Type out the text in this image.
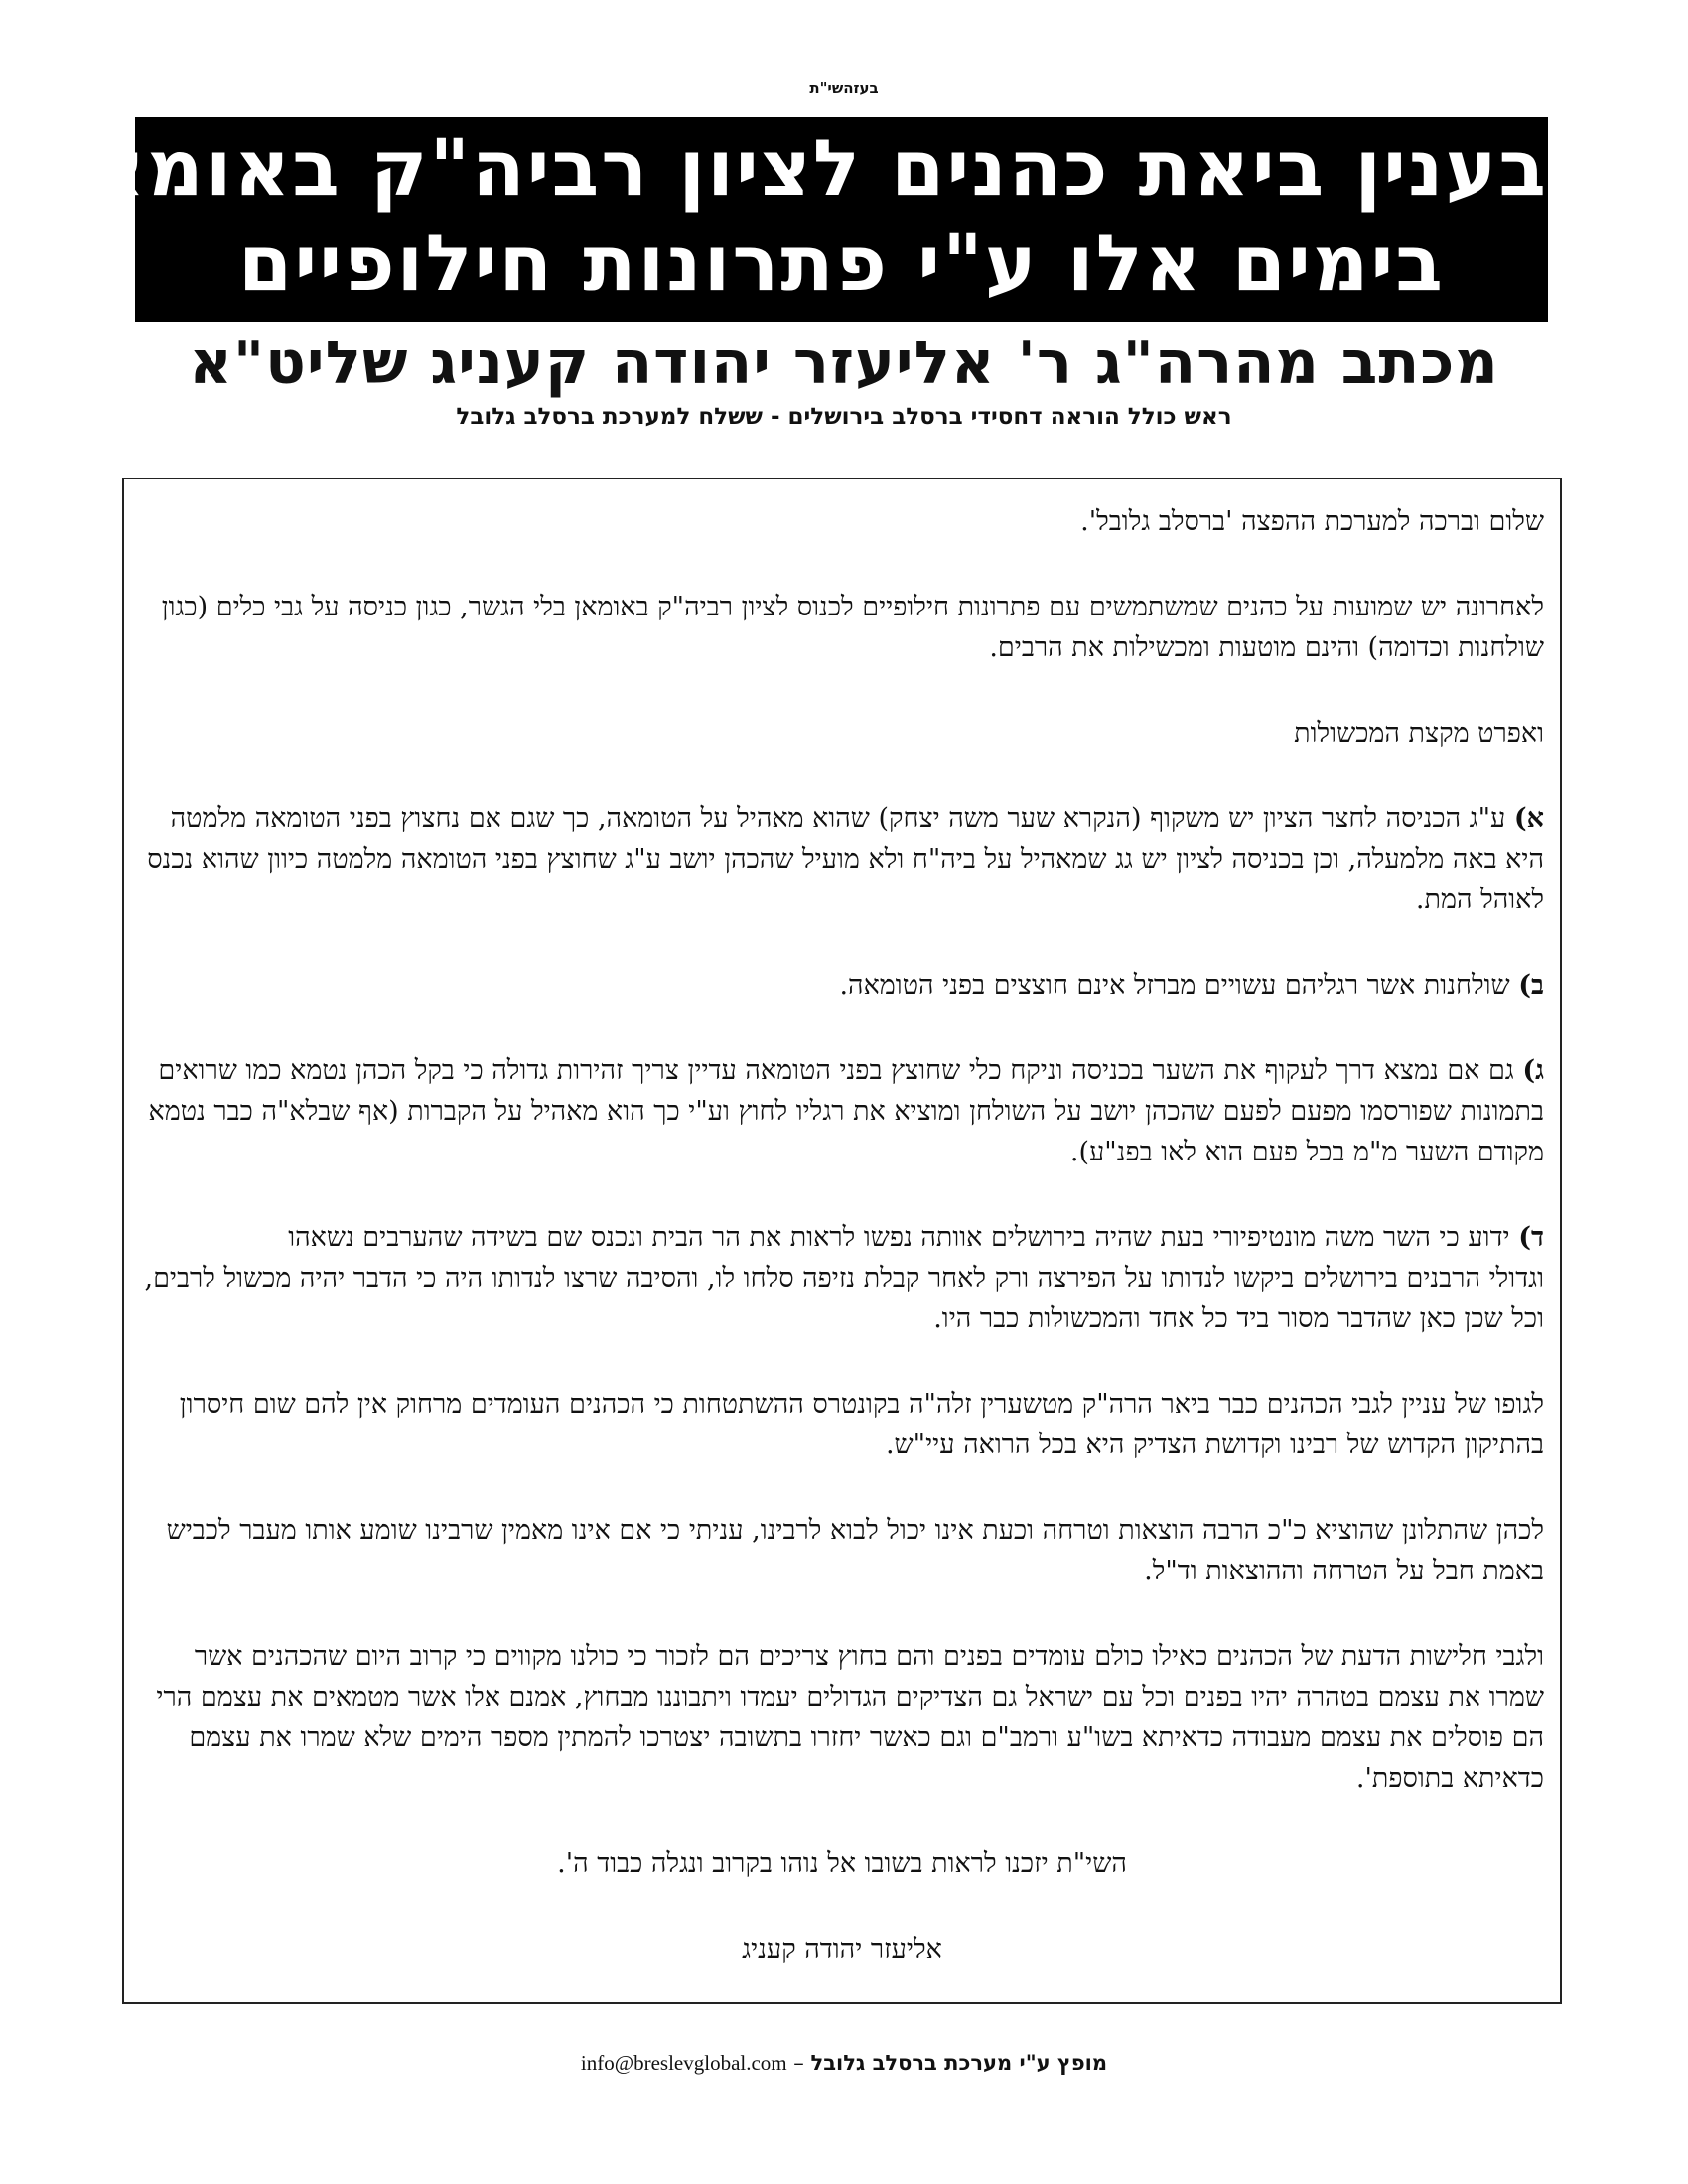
בעזהשי"ת
בענין ביאת כהנים לציון רביה"ק באומאן
בימים אלו ע"י פתרונות חילופיים
מכתב מהרה"ג ר' אליעזר יהודה קעניג שליט"א
ראש כולל הוראה דחסידי ברסלב בירושלים - ששלח למערכת ברסלב גלובל

שלום וברכה למערכת ההפצה 'ברסלב גלובל'.

לאחרונה יש שמועות על כהנים שמשתמשים עם פתרונות חילופיים לכנוס לציון רביה"ק באומאן בלי הגשר, כגון כניסה על גבי כלים (כגון שולחנות וכדומה) והינם מוטעות ומכשילות את הרבים.

ואפרט מקצת המכשולות

א) ע"ג הכניסה לחצר הציון יש משקוף (הנקרא שער משה יצחק) שהוא מאהיל על הטומאה, כך שגם אם נחצוץ בפני הטומאה מלמטה היא באה מלמעלה, וכן בכניסה לציון יש גג שמאהיל על ביה"ח ולא מועיל שהכהן יושב ע"ג שחוצץ בפני הטומאה מלמטה כיוון שהוא נכנס לאוהל המת.

ב) שולחנות אשר רגליהם עשויים מברזל אינם חוצצים בפני הטומאה.

ג) גם אם נמצא דרך לעקוף את השער בכניסה וניקח כלי שחוצץ בפני הטומאה עדיין צריך זהירות גדולה כי בקל הכהן נטמא כמו שרואים בתמונות שפורסמו מפעם לפעם שהכהן יושב על השולחן ומוציא את רגליו לחוץ וע"י כך הוא מאהיל על הקברות (אף שבלא"ה כבר נטמא מקודם השער מ"מ בכל פעם הוא לאו בפנ"ע).

ד) ידוע כי השר משה מונטיפיורי בעת שהיה בירושלים אוותה נפשו לראות את הר הבית ונכנס שם בשידה שהערבים נשאהו

וגדולי הרבנים בירושלים ביקשו לנדותו על הפירצה ורק לאחר קבלת נזיפה סלחו לו, והסיבה שרצו לנדותו היה כי הדבר יהיה מכשול לרבים, וכל שכן כאן שהדבר מסור ביד כל אחד והמכשולות כבר היו.

לגופו של עניין לגבי הכהנים כבר ביאר הרה"ק מטשערין זלה"ה בקונטרס ההשתטחות כי הכהנים העומדים מרחוק אין להם שום חיסרון בהתיקון הקדוש של רבינו וקדושת הצדיק היא בכל הרואה עיי"ש.

לכהן שהתלונן שהוציא כ"כ הרבה הוצאות וטרחה וכעת אינו יכול לבוא לרבינו, עניתי כי אם אינו מאמין שרבינו שומע אותו מעבר לכביש באמת חבל על הטרחה וההוצאות וד"ל.

ולגבי חלישות הדעת של הכהנים כאילו כולם עומדים בפנים והם בחוץ צריכים הם לזכור כי כולנו מקווים כי קרוב היום שהכהנים אשר שמרו את עצמם בטהרה יהיו בפנים וכל עם ישראל גם הצדיקים הגדולים יעמדו ויתבוננו מבחוץ, אמנם אלו אשר מטמאים את עצמם הרי הם פוסלים את עצמם מעבודה כדאיתא בשו"ע ורמב"ם וגם כאשר יחזרו בתשובה יצטרכו להמתין מספר הימים שלא שמרו את עצמם כדאיתא בתוספת'.

השי"ת יזכנו לראות בשובו אל נוהו בקרוב ונגלה כבוד ה'.

אליעזר יהודה קעניג

info@breslevglobal.com – מופץ ע"י מערכת ברסלב גלובל
